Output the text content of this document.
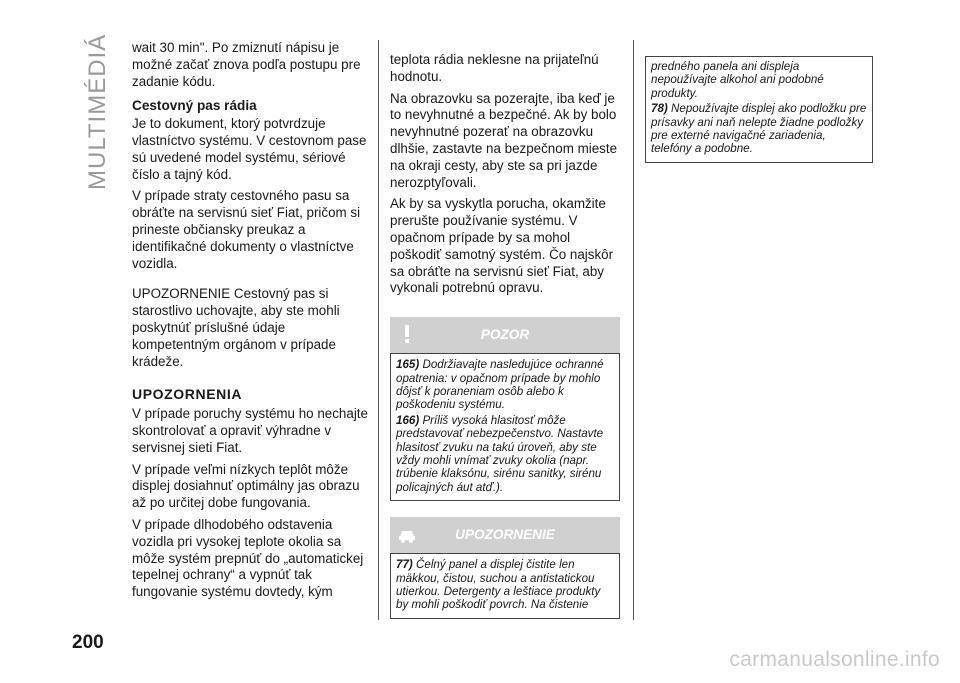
MULTIMÉDIÁ wait 30 min". Po zmiznutí nápisu je možné začať znova podľa postupu pre zadanie kódu.

Cestovný pas rádia

Je to dokument, ktorý potvrdzuje vlastníctvo systému. V cestovnom pase sú uvedené model systému, sériové číslo a tajný kód.

V prípade straty cestovného pasu sa obráťte na servisnú sieť Fiat, pričom si prineste občiansky preukaz a identifikačné dokumenty o vlastníctve vozidla.

UPOZORNENIE Cestovný pas si starostlivo uchovajte, aby ste mohli poskytnúť príslušné údaje kompetentným orgánom v prípade krádeže.

UPOZORNENIA

V prípade poruchy systému ho nechajte skontrolovať a opraviť výhradne v servisnej sieti Fiat.

V prípade veľmi nízkych teplôt môže displej dosiahnuť optimálny jas obrazu až po určitej dobe fungovania.

V prípade dlhodobého odstavenia vozidla pri vysokej teplote okolia sa môže systém prepnúť do „automatickej tepelnej ochrany“ a vypnúť tak fungovanie systému dovtedy, kým

teplota rádia neklesne na prijateľnú hodnotu.

Na obrazovku sa pozerajte, iba keď je to nevyhnutné a bezpečné. Ak by bolo nevyhnutné pozerať na obrazovku dlhšie, zastavte na bezpečnom mieste na okraji cesty, aby ste sa pri jazde nerozptyľovali.

Ak by sa vyskytla porucha, okamžite prerušte používanie systému. V opačnom prípade by sa mohol poškodiť samotný systém. Čo najskôr sa obráťte na servisnú sieť Fiat, aby vykonali potrebnú opravu.

POZOR

165) Dodržiavajte nasledujúce ochranné opatrenia: v opačnom prípade by mohlo dôjsť k poraneniam osôb alebo k poškodeniu systému.

166) Príliš vysoká hlasitosť môže predstavovať nebezpečenstvo. Nastavte hlasitosť zvuku na takú úroveň, aby ste vždy mohli vnímať zvuky okolia (napr. trúbenie klaksónu, sirénu sanitky, sirénu policajných áut atď.).

UPOZORNENIE

77) Čelný panel a displej čistite len mäkkou, čistou, suchou a antistatickou utierkou. Detergenty a leštiace produkty by mohli poškodiť povrch. Na čistenie

predného panela ani displeja nepoužívajte alkohol ani podobné produkty.

78) Nepoužívajte displej ako podložku pre prísavky ani naň nelepte žiadne podložky pre externé navigačné zariadenia, telefóny a podobne.

200
carmanualsonline.info
